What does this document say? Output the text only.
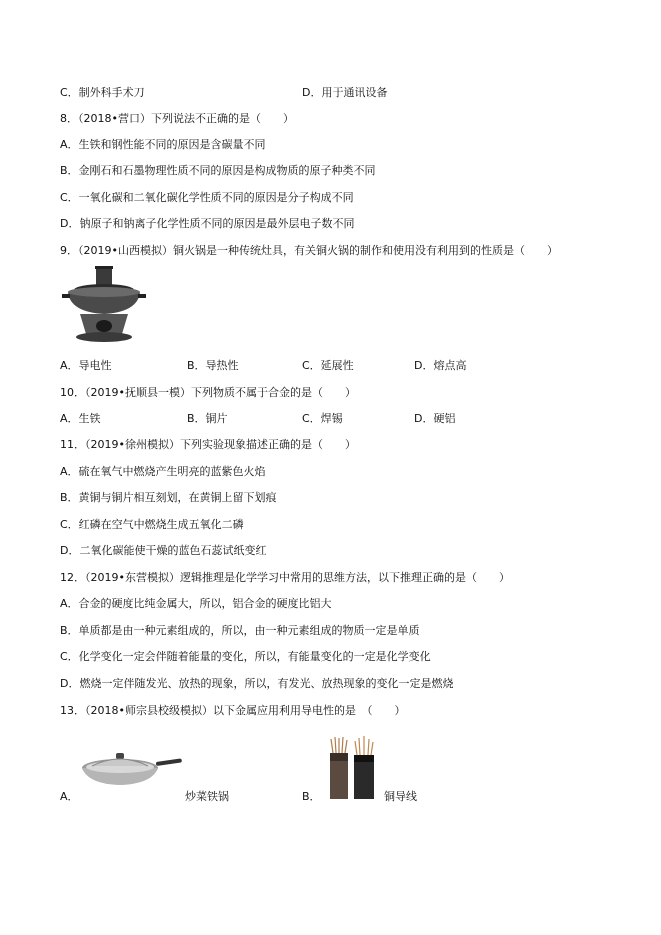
C．制外科手术刀	D．用于通讯设备
8．（2018•营口）下列说法不正确的是（　　）
A．生铁和钢性能不同的原因是含碳量不同
B．金刚石和石墨物理性质不同的原因是构成物质的原子种类不同
C．一氧化碳和二氧化碳化学性质不同的原因是分子构成不同
D．钠原子和钠离子化学性质不同的原因是最外层电子数不同
9．（2019•山西模拟）铜火锅是一种传统灶具，有关铜火锅的制作和使用没有利用到的性质是（　　）
A．导电性	B．导热性	C．延展性	D．熔点高
10．（2019•抚顺县一模）下列物质不属于合金的是（　　）
A．生铁	B．铜片	C．焊锡	D．硬铝
11．（2019•徐州模拟）下列实验现象描述正确的是（　　）
A．硫在氧气中燃烧产生明亮的蓝紫色火焰
B．黄铜与铜片相互刻划，在黄铜上留下划痕
C．红磷在空气中燃烧生成五氧化二磷
D．二氧化碳能使干燥的蓝色石蕊试纸变红
12．（2019•东营模拟）逻辑推理是化学学习中常用的思维方法，以下推理正确的是（　　）
A．合金的硬度比纯金属大，所以，铝合金的硬度比铝大
B．单质都是由一种元素组成的，所以，由一种元素组成的物质一定是单质
C．化学变化一定会伴随着能量的变化，所以，有能量变化的一定是化学变化
D．燃烧一定伴随发光、放热的现象，所以，有发光、放热现象的变化一定是燃烧
13．（2018•师宗县校级模拟）以下金属应用利用导电性的是　（　　）
A．	炒菜铁锅	B．	铜导线
